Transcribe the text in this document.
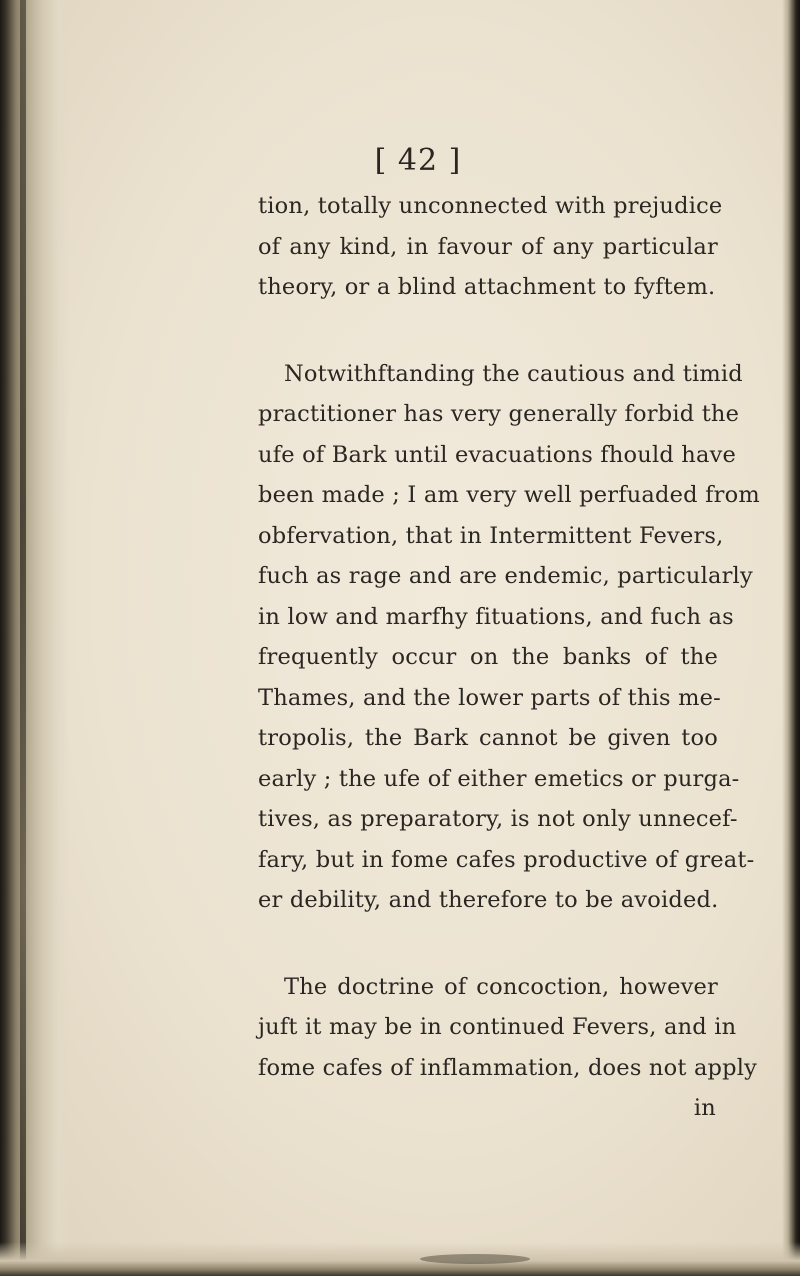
[ 42 ]
tion, totally unconnected with prejudice
of any kind, in favour of any particular
theory, or a blind attachment to fyftem.
Notwithftanding the cautious and timid
practitioner has very generally forbid the
ufe of Bark until evacuations fhould have
been made ; I am very well perfuaded from
obfervation, that in Intermittent Fevers,
fuch as rage and are endemic, particularly
in low and marfhy fituations, and fuch as
frequently occur on the banks of the
Thames, and the lower parts of this me-
tropolis, the Bark cannot be given too
early ; the ufe of either emetics or purga-
tives, as preparatory, is not only unnecef-
fary, but in fome cafes productive of great-
er debility, and therefore to be avoided.
The doctrine of concoction, however
juft it may be in continued Fevers, and in
fome cafes of inflammation, does not apply
in
